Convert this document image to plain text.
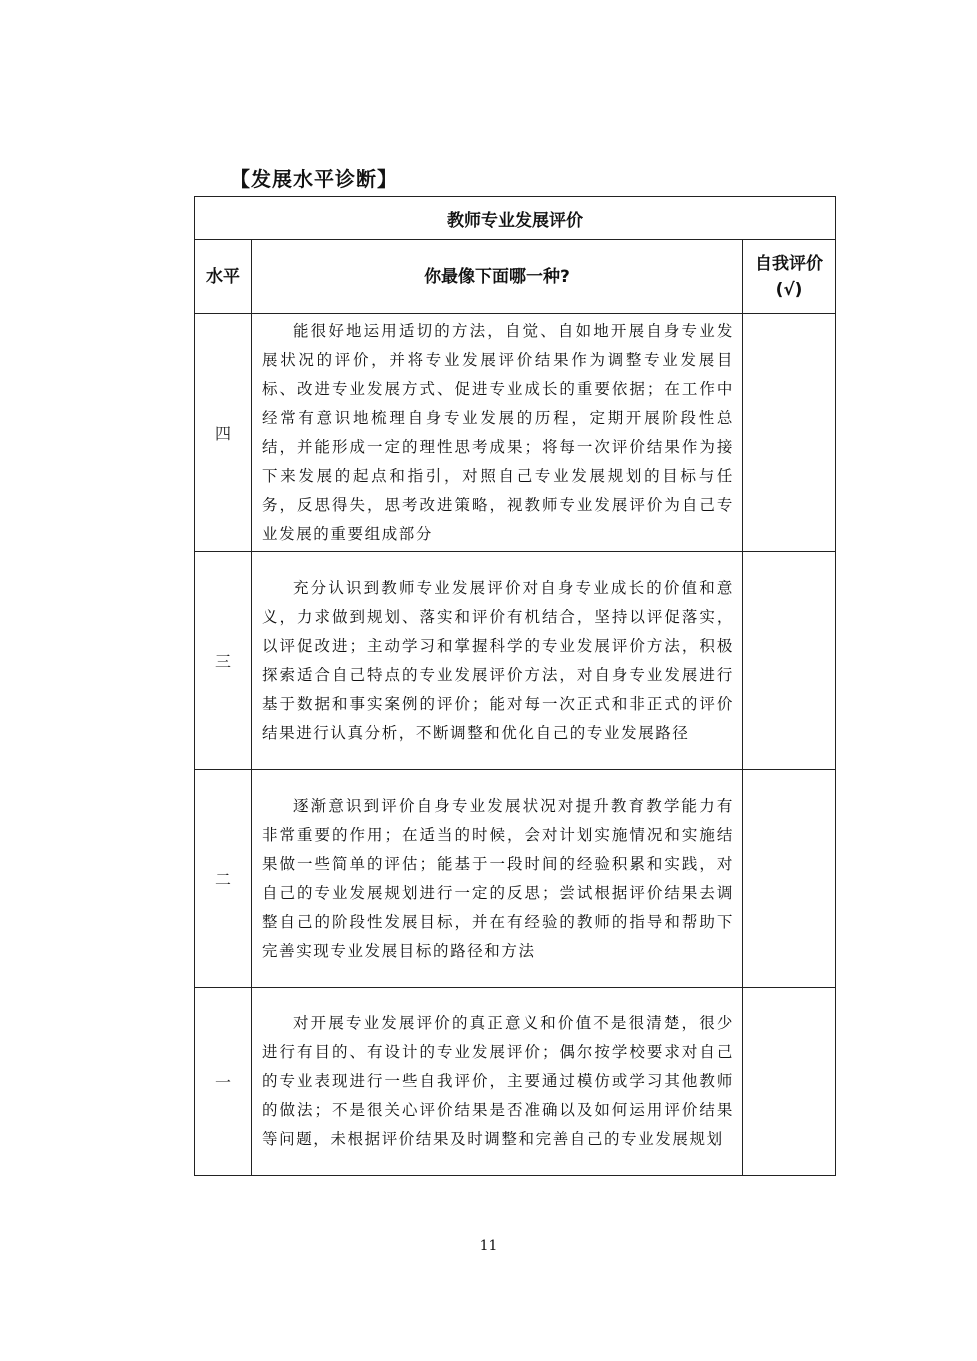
【发展水平诊断】
教师专业发展评价		
水平	你最像下面哪一种?	自我评价
(√)

四	能很好地运用适切的方法，自觉、自如地开展自身专业发展状况的评价，并将专业发展评价结果作为调整专业发展目标、改进专业发展方式、促进专业成长的重要依据；在工作中经常有意识地梳理自身专业发展的历程，定期开展阶段性总结，并能形成一定的理性思考成果；将每一次评价结果作为接下来发展的起点和指引，对照自己专业发展规划的目标与任务，反思得失，思考改进策略，视教师专业发展评价为自己专业发展的重要组成部分	
三	充分认识到教师专业发展评价对自身专业成长的价值和意义，力求做到规划、落实和评价有机结合，坚持以评促落实，以评促改进；主动学习和掌握科学的专业发展评价方法，积极探索适合自己特点的专业发展评价方法，对自身专业发展进行基于数据和事实案例的评价；能对每一次正式和非正式的评价结果进行认真分析，不断调整和优化自己的专业发展路径	
二	逐渐意识到评价自身专业发展状况对提升教育教学能力有非常重要的作用；在适当的时候，会对计划实施情况和实施结果做一些简单的评估；能基于一段时间的经验积累和实践，对自己的专业发展规划进行一定的反思；尝试根据评价结果去调整自己的阶段性发展目标，并在有经验的教师的指导和帮助下完善实现专业发展目标的路径和方法	
一	对开展专业发展评价的真正意义和价值不是很清楚，很少进行有目的、有设计的专业发展评价；偶尔按学校要求对自己的专业表现进行一些自我评价，主要通过模仿或学习其他教师的做法；不是很关心评价结果是否准确以及如何运用评价结果等问题，未根据评价结果及时调整和完善自己的专业发展规划	
11
